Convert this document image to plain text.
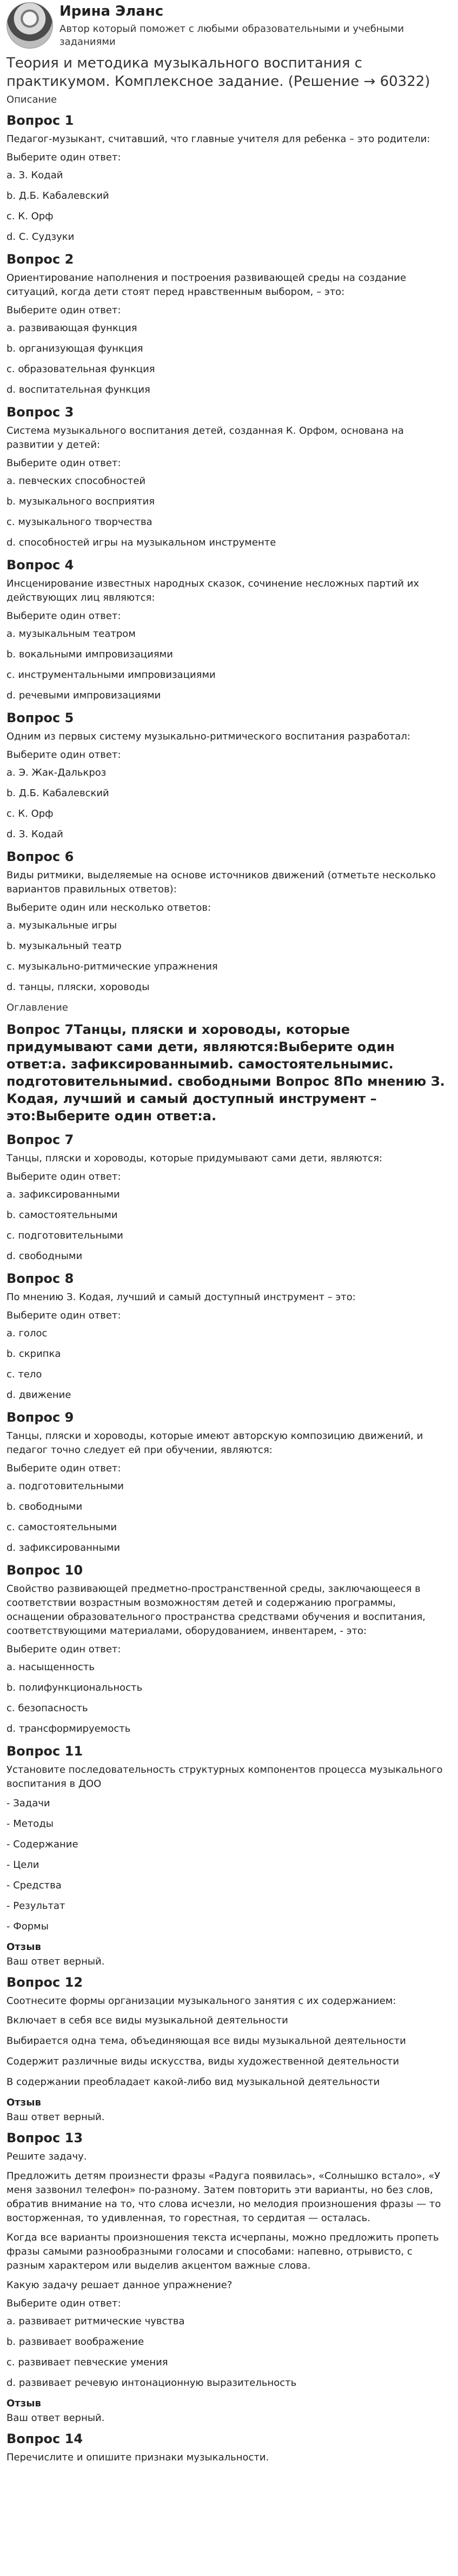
Ирина Эланс
Автор который поможет с любыми образовательными и учебными заданиями
Теория и методика музыкального воспитания с практикумом. Комплексное задание. (Решение → 60322)
Описание
Вопрос 1

Педагог-музыкант, считавший, что главные учителя для ребенка – это родители:

Выберите один ответ:
a. З. Кодай
b. Д.Б. Кабалевский
c. К. Орф
d. С. Судзуки
Вопрос 2

Ориентирование наполнения и построения развивающей среды на создание ситуаций, когда дети стоят перед нравственным выбором, – это:

Выберите один ответ:
a. развивающая функция
b. организующая функция
c. образовательная функция
d. воспитательная функция
Вопрос 3

Система музыкального воспитания детей, созданная К. Орфом, основана на развитии у детей:

Выберите один ответ:
a. певческих способностей
b. музыкального восприятия
c. музыкального творчества
d. способностей игры на музыкальном инструменте
Вопрос 4

Инсценирование известных народных сказок, сочинение несложных партий их действующих лиц являются:

Выберите один ответ:
a. музыкальным театром
b. вокальными импровизациями
c. инструментальными импровизациями
d. речевыми импровизациями
Вопрос 5

Одним из первых систему музыкально-ритмического воспитания разработал:

Выберите один ответ:
a. Э. Жак-Далькроз
b. Д.Б. Кабалевский
c. К. Орф
d. З. Кодай
Вопрос 6

Виды ритмики, выделяемые на основе источников движений (отметьте несколько вариантов правильных ответов):

Выберите один или несколько ответов:
a. музыкальные игры
b. музыкальный театр
c. музыкально-ритмические упражнения
d. танцы, пляски, хороводы
Оглавление
Вопрос 7Танцы, пляски и хороводы, которые придумывают сами дети, являются:Выберите один ответ:a. зафиксированнымиb. самостоятельнымис. подготовительнымиd. свободными Вопрос 8По мнению З. Кодая, лучший и самый доступный инструмент – это:Выберите один ответ:a.
Вопрос 7

Танцы, пляски и хороводы, которые придумывают сами дети, являются:

Выберите один ответ:
a. зафиксированными
b. самостоятельными
c. подготовительными
d. свободными
Вопрос 8

По мнению З. Кодая, лучший и самый доступный инструмент – это:

Выберите один ответ:
a. голос
b. скрипка
c. тело
d. движение
Вопрос 9

Танцы, пляски и хороводы, которые имеют авторскую композицию движений, и педагог точно следует ей при обучении, являются:

Выберите один ответ:
a. подготовительными
b. свободными
c. самостоятельными
d. зафиксированными
Вопрос 10

Свойство развивающей предметно-пространственной среды, заключающееся в соответствии возрастным возможностям детей и содержанию программы, оснащении образовательного пространства средствами обучения и воспитания, соответствующими материалами, оборудованием, инвентарем, - это:

Выберите один ответ:
a. насыщенность
b. полифункциональность
c. безопасность
d. трансформируемость
Вопрос 11

Установите последовательность структурных компонентов процесса музыкального воспитания в ДОО

- Задачи
- Методы
- Содержание
- Цели
- Средства
- Результат
- Формы
Отзыв
Ваш ответ верный.
Вопрос 12

Соотнесите формы организации музыкального занятия с их содержанием:

Включает в себя все виды музыкальной деятельности
Выбирается одна тема, объединяющая все виды музыкальной деятельности
Содержит различные виды искусства, виды художественной деятельности
В содержании преобладает какой-либо вид музыкальной деятельности
Отзыв
Ваш ответ верный.
Вопрос 13

Решите задачу.

Предложить детям произнести фразы «Радуга появилась», «Солнышко встало», «У меня зазвонил телефон» по-разному. Затем повторить эти варианты, но без слов, обратив внимание на то, что слова исчезли, но мелодия произношения фразы — то восторженная, то удивленная, то горестная, то сердитая — осталась.

Когда все варианты произношения текста исчерпаны, можно предложить пропеть фразы самыми разнообразными голосами и способами: напевно, отрывисто, с разным характером или выделив акцентом важные слова.

Какую задачу решает данное упражнение?

Выберите один ответ:
a. развивает ритмические чувства
b. развивает воображение
c. развивает певческие умения
d. развивает речевую интонационную выразительность
Отзыв
Ваш ответ верный.
Вопрос 14

Перечислите и опишите признаки музыкальности.
